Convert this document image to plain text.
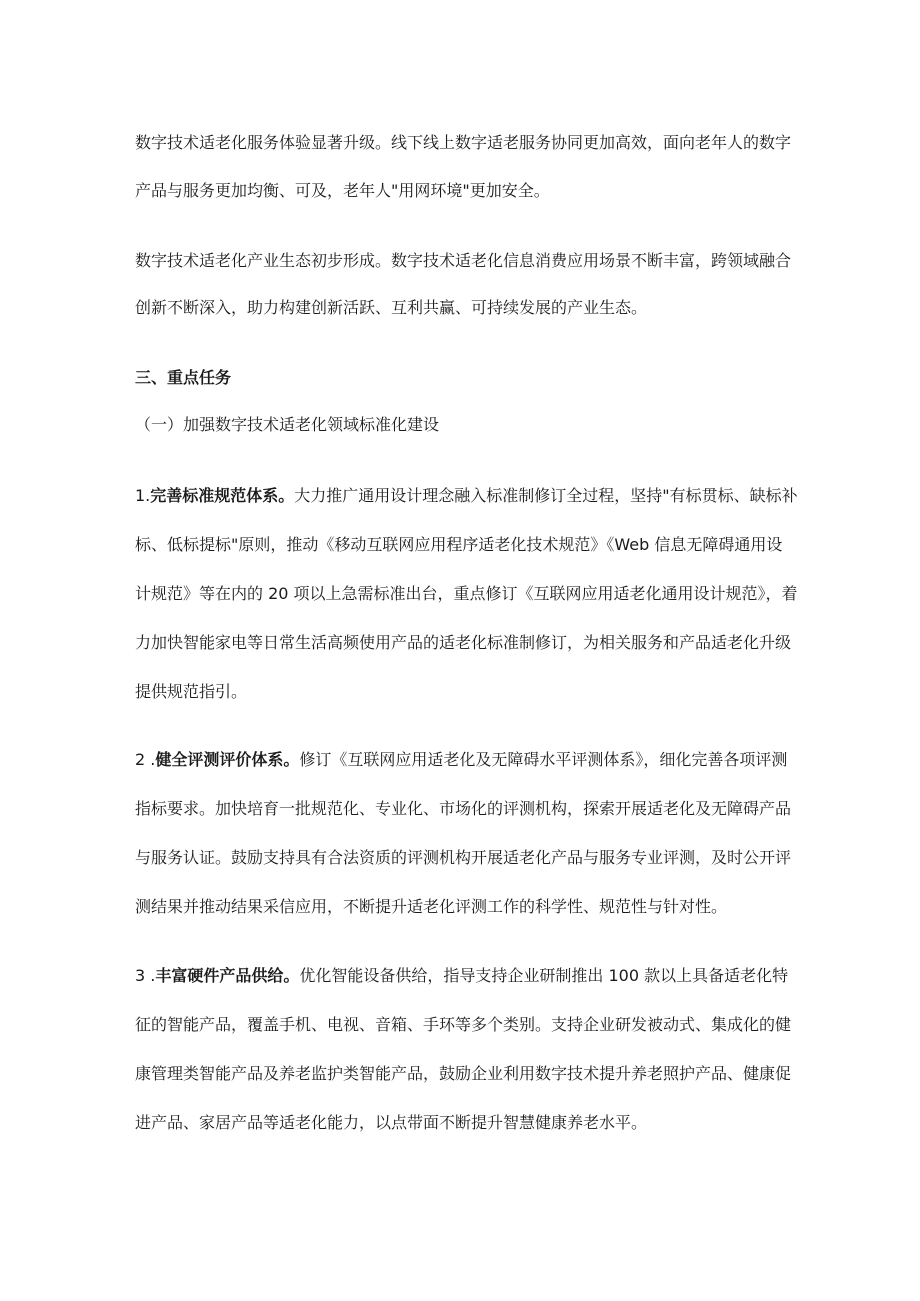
数字技术适老化服务体验显著升级。线下线上数字适老服务协同更加高效，面向老年人的数字
产品与服务更加均衡、可及，老年人"用网环境"更加安全。
数字技术适老化产业生态初步形成。数字技术适老化信息消费应用场景不断丰富，跨领域融合
创新不断深入，助力构建创新活跃、互利共赢、可持续发展的产业生态。
三、重点任务
（一）加强数字技术适老化领域标准化建设
1.完善标准规范体系。大力推广通用设计理念融入标准制修订全过程，坚持"有标贯标、缺标补
标、低标提标"原则，推动《移动互联网应用程序适老化技术规范》《Web 信息无障碍通用设
计规范》等在内的 20 项以上急需标准出台，重点修订《互联网应用适老化通用设计规范》，着
力加快智能家电等日常生活高频使用产品的适老化标准制修订，为相关服务和产品适老化升级
提供规范指引。
2 .健全评测评价体系。修订《互联网应用适老化及无障碍水平评测体系》，细化完善各项评测
指标要求。加快培育一批规范化、专业化、市场化的评测机构，探索开展适老化及无障碍产品
与服务认证。鼓励支持具有合法资质的评测机构开展适老化产品与服务专业评测，及时公开评
测结果并推动结果采信应用，不断提升适老化评测工作的科学性、规范性与针对性。
3 .丰富硬件产品供给。优化智能设备供给，指导支持企业研制推出 100 款以上具备适老化特
征的智能产品，覆盖手机、电视、音箱、手环等多个类别。支持企业研发被动式、集成化的健
康管理类智能产品及养老监护类智能产品，鼓励企业利用数字技术提升养老照护产品、健康促
进产品、家居产品等适老化能力，以点带面不断提升智慧健康养老水平。
